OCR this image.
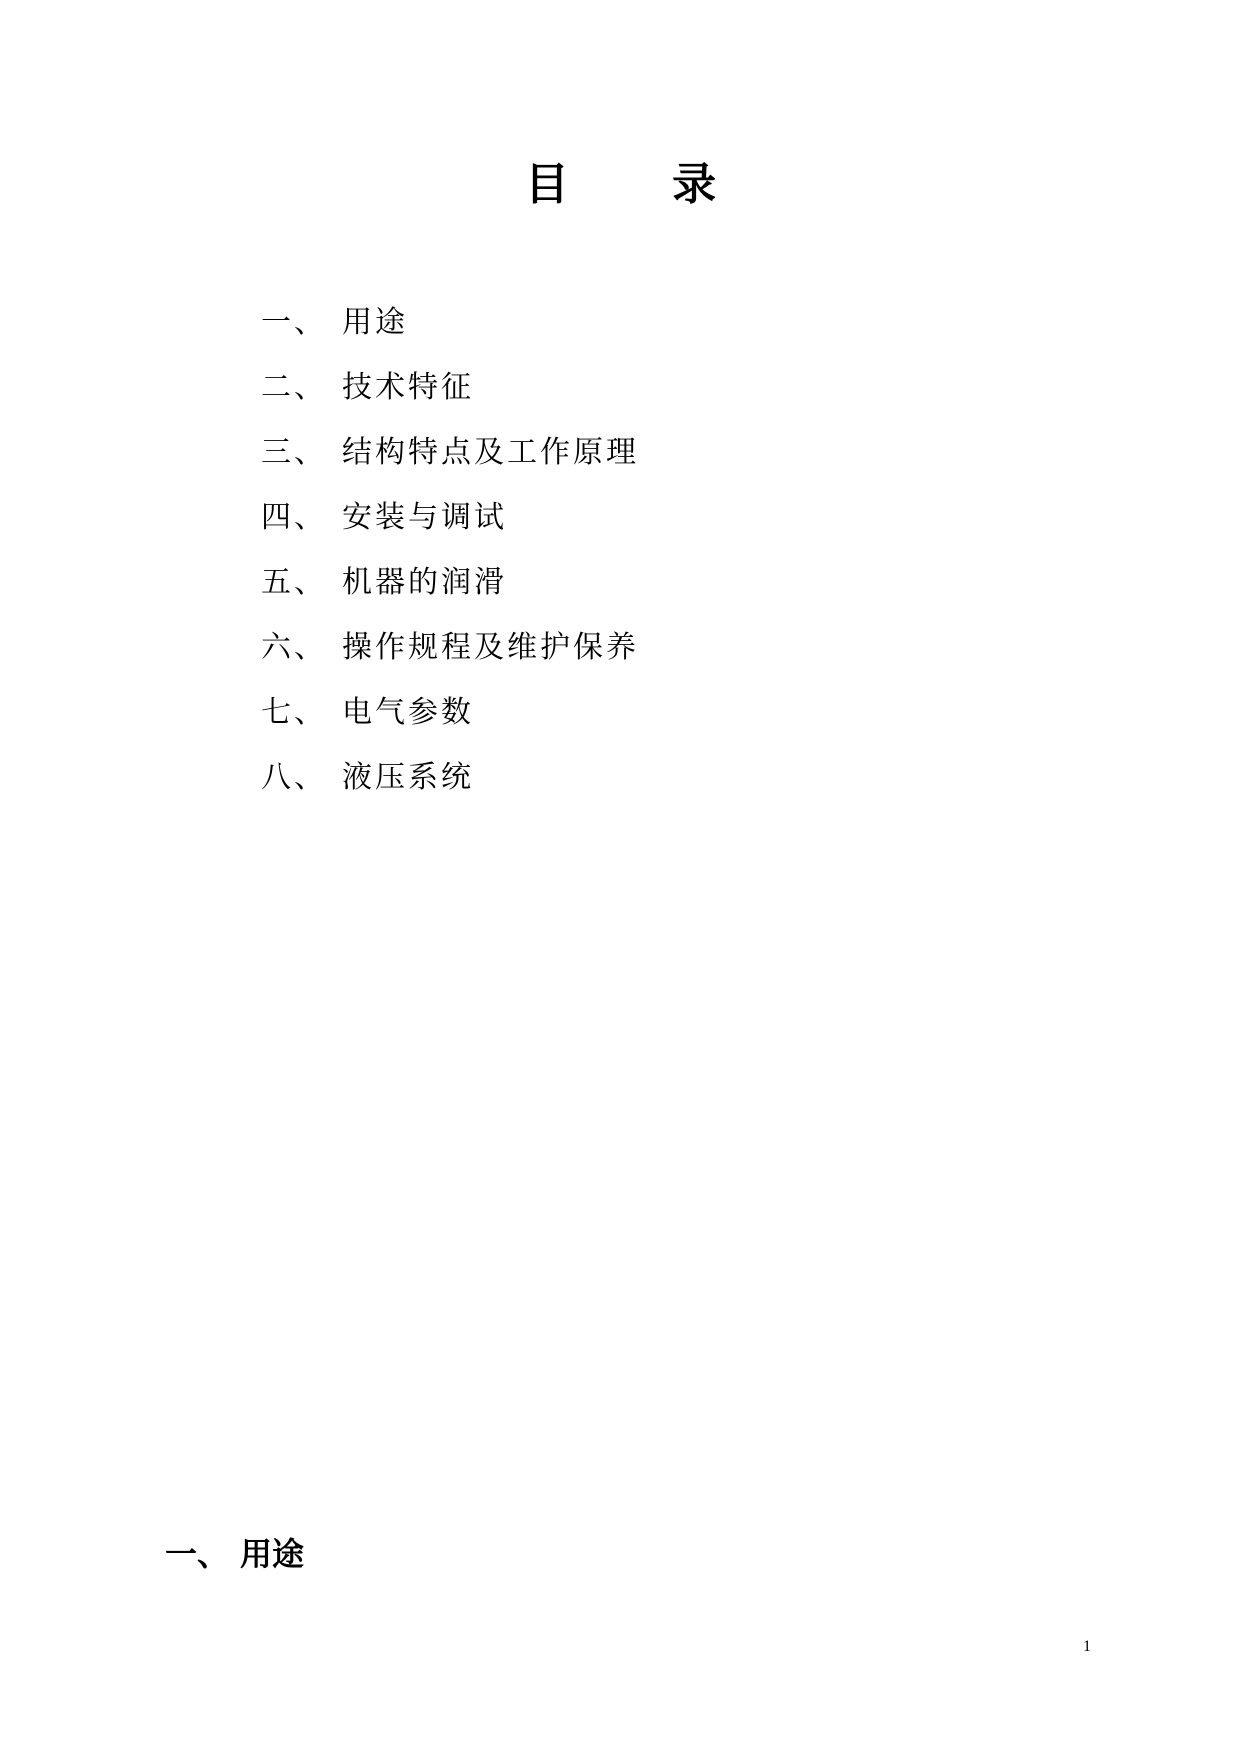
目 录
一、 用途
二、 技术特征
三、 结构特点及工作原理
四、 安装与调试
五、 机器的润滑
六、 操作规程及维护保养
七、 电气参数
八、 液压系统
一、 用途
1
